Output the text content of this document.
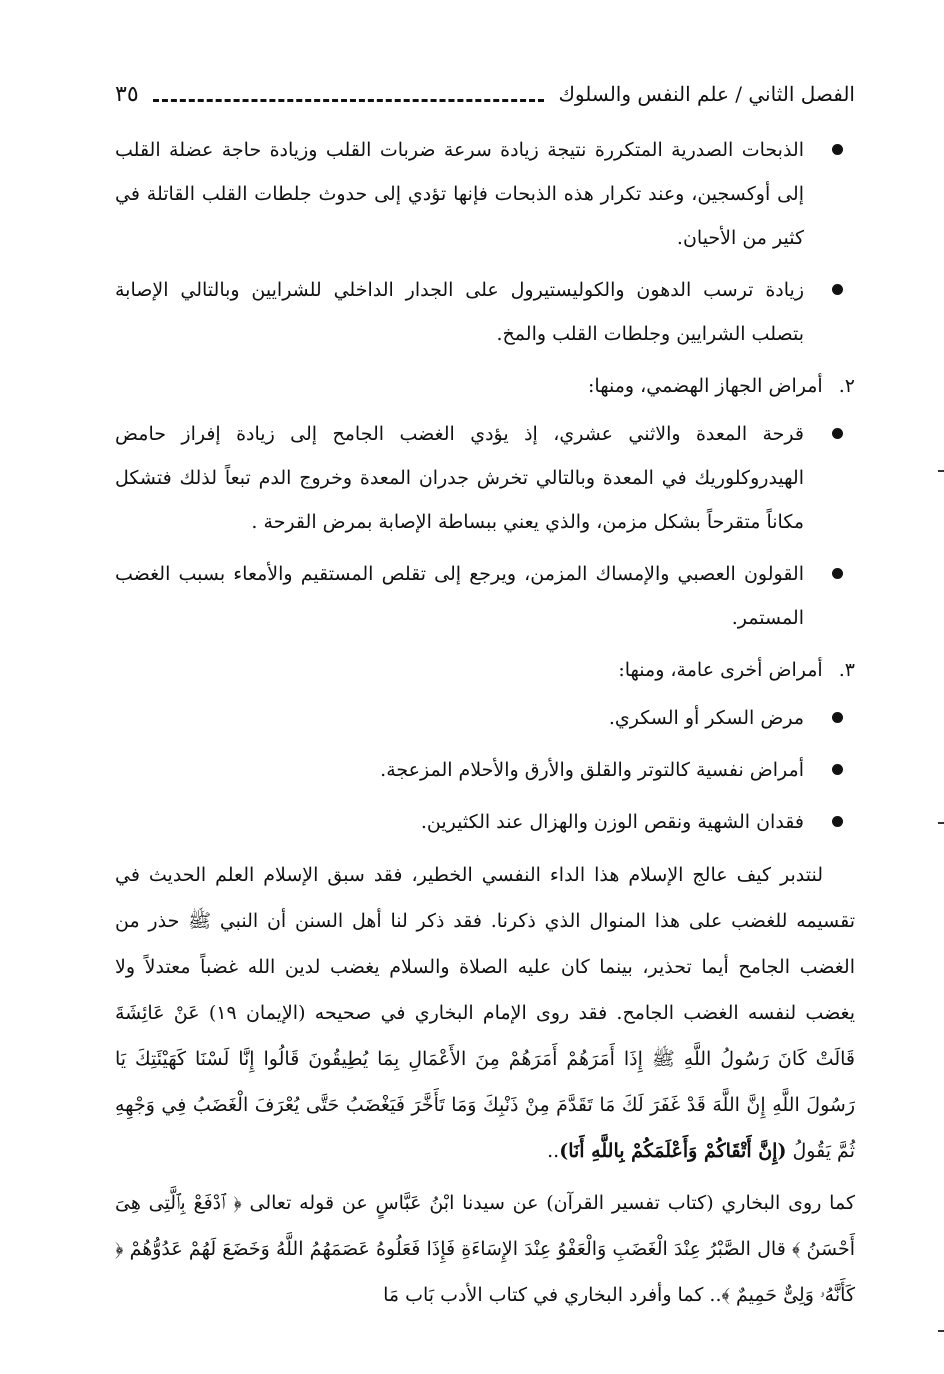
الفصل الثاني / علم النفس والسلوك
٣٥
الذبحات الصدرية المتكررة نتيجة زيادة سرعة ضربات القلب وزيادة حاجة عضلة القلب إلى أوكسجين، وعند تكرار هذه الذبحات فإنها تؤدي إلى حدوث جلطات القلب القاتلة في كثير من الأحيان.
زيادة ترسب الدهون والكوليستيرول على الجدار الداخلي للشرايين وبالتالي الإصابة بتصلب الشرايين وجلطات القلب والمخ.
٢. أمراض الجهاز الهضمي، ومنها:
قرحة المعدة والاثني عشري، إذ يؤدي الغضب الجامح إلى زيادة إفراز حامض الهيدروكلوريك في المعدة وبالتالي تخرش جدران المعدة وخروج الدم تبعاً لذلك فتشكل مكاناً متقرحاً بشكل مزمن، والذي يعني ببساطة الإصابة بمرض القرحة .
القولون العصبي والإمساك المزمن، ويرجع إلى تقلص المستقيم والأمعاء بسبب الغضب المستمر.
٣. أمراض أخرى عامة، ومنها:
مرض السكر أو السكري.
أمراض نفسية كالتوتر والقلق والأرق والأحلام المزعجة.
فقدان الشهية ونقص الوزن والهزال عند الكثيرين.

لنتدبر كيف عالج الإسلام هذا الداء النفسي الخطير، فقد سبق الإسلام العلم الحديث في تقسيمه للغضب على هذا المنوال الذي ذكرنا. فقد ذكر لنا أهل السنن أن النبي ﷺ حذر من الغضب الجامح أيما تحذير، بينما كان عليه الصلاة والسلام يغضب لدين الله غضباً معتدلاً ولا يغضب لنفسه الغضب الجامح. فقد روى الإمام البخاري في صحيحه (الإيمان ١٩) عَنْ عَائِشَةَ قَالَتْ كَانَ رَسُولُ اللَّهِ ﷺ إِذَا أَمَرَهُمْ أَمَرَهُمْ مِنَ الأَعْمَالِ بِمَا يُطِيقُونَ قَالُوا إِنَّا لَسْنَا كَهَيْئَتِكَ يَا رَسُولَ اللَّهِ إِنَّ اللَّهَ قَدْ غَفَرَ لَكَ مَا تَقَدَّمَ مِنْ ذَنْبِكَ وَمَا تَأَخَّرَ فَيَغْضَبُ حَتَّى يُعْرَفَ الْغَضَبُ فِي وَجْهِهِ ثُمَّ يَقُولُ (إِنَّ أَتْقَاكُمْ وَأَعْلَمَكُمْ بِاللَّهِ أَنَا)..

كما روى البخاري (كتاب تفسير القرآن) عن سيدنا ابْنُ عَبَّاسٍ عن قوله تعالى ﴿ ٱدْفَعْ بِٱلَّتِى هِىَ أَحْسَنُ ﴾ قال الصَّبْرُ عِنْدَ الْغَضَبِ وَالْعَفْوُ عِنْدَ الإِسَاءَةِ فَإِذَا فَعَلُوهُ عَصَمَهُمُ اللَّهُ وَخَضَعَ لَهُمْ عَدُوُّهُمْ ﴿ كَأَنَّهُۥ وَلِىٌّ حَمِيمٌ ﴾.. كما وأفرد البخاري في كتاب الأدب بَاب مَا
